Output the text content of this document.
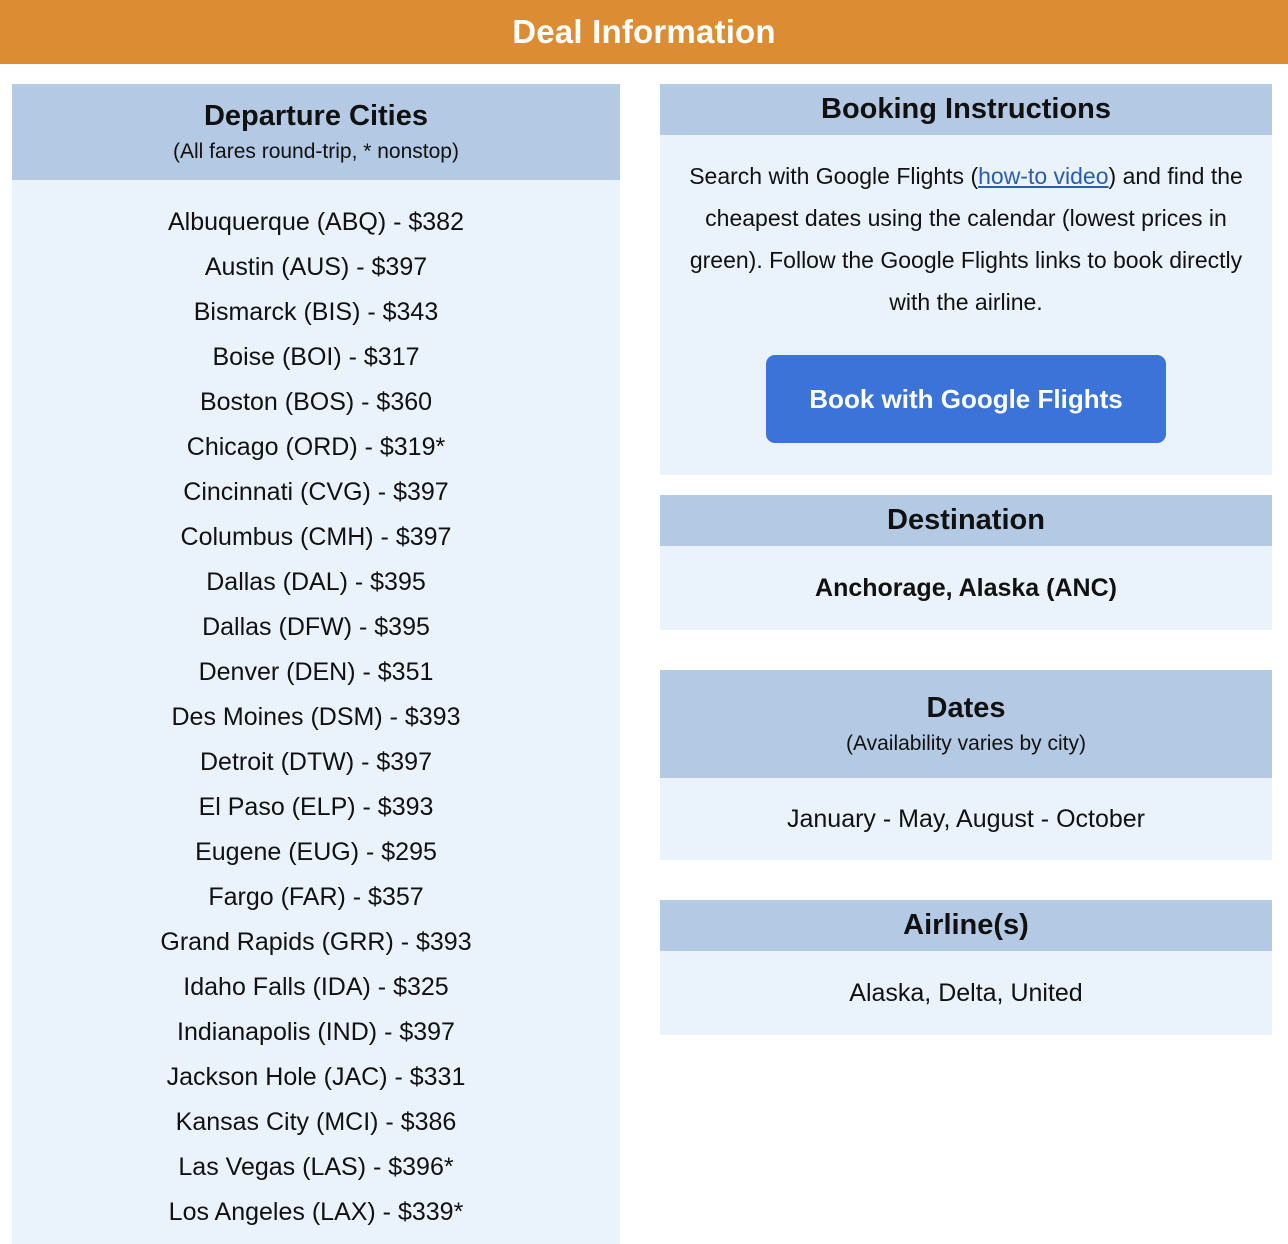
Deal Information
Departure Cities
(All fares round-trip, * nonstop)
Albuquerque (ABQ) - $382
Austin (AUS) - $397
Bismarck (BIS) - $343
Boise (BOI) - $317
Boston (BOS) - $360
Chicago (ORD) - $319*
Cincinnati (CVG) - $397
Columbus (CMH) - $397
Dallas (DAL) - $395
Dallas (DFW) - $395
Denver (DEN) - $351
Des Moines (DSM) - $393
Detroit (DTW) - $397
El Paso (ELP) - $393
Eugene (EUG) - $295
Fargo (FAR) - $357
Grand Rapids (GRR) - $393
Idaho Falls (IDA) - $325
Indianapolis (IND) - $397
Jackson Hole (JAC) - $331
Kansas City (MCI) - $386
Las Vegas (LAS) - $396*
Los Angeles (LAX) - $339*
Booking Instructions

Search with Google Flights (how-to video) and find the cheapest dates using the calendar (lowest prices in green). Follow the Google Flights links to book directly with the airline.

Book with Google Flights
Destination
Anchorage, Alaska (ANC)
Dates
(Availability varies by city)
January - May, August - October
Airline(s)
Alaska, Delta, United
